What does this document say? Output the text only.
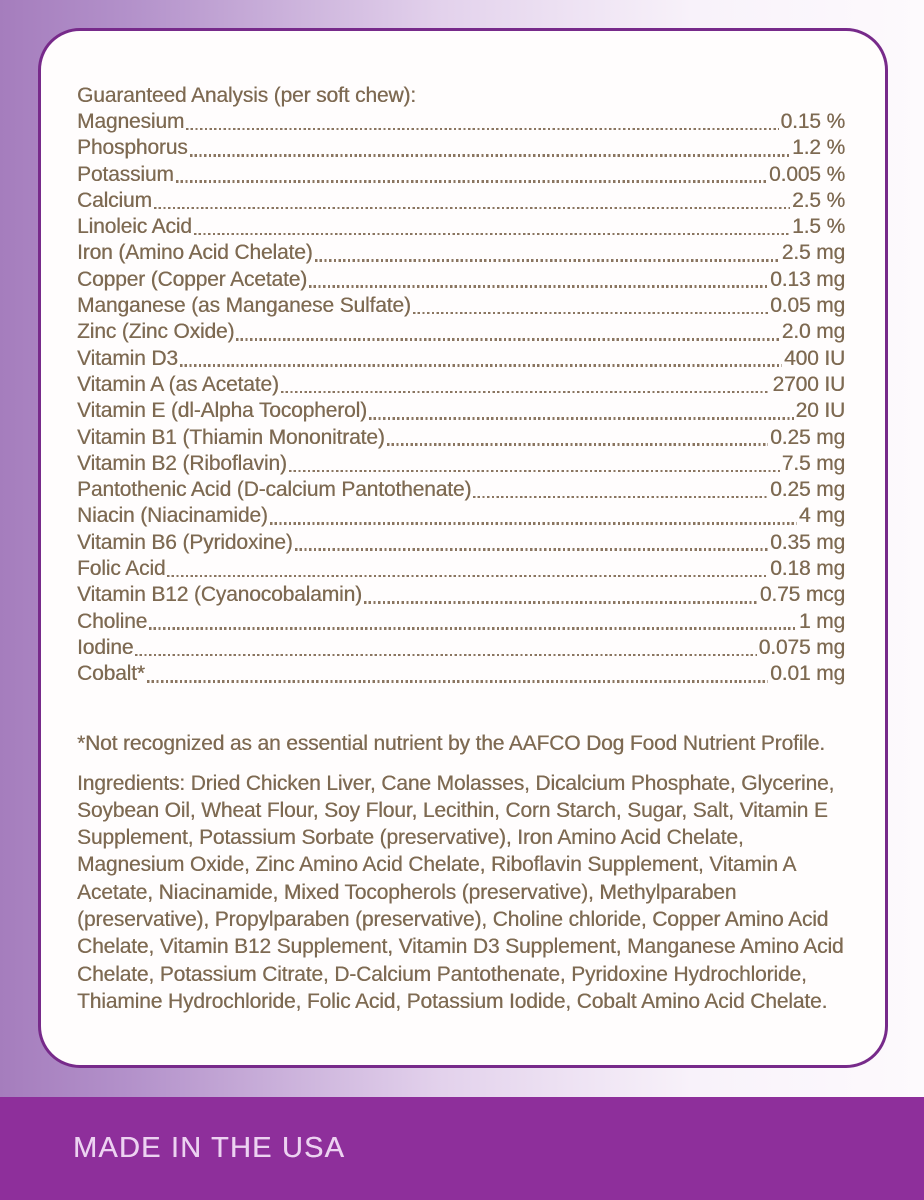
Guaranteed Analysis (per soft chew):
Magnesium	0.15 %
Phosphorus	1.2 %
Potassium	0.005 %
Calcium	2.5 %
Linoleic Acid	1.5 %
Iron (Amino Acid Chelate)	2.5 mg
Copper (Copper Acetate)	0.13 mg
Manganese (as Manganese Sulfate)	0.05 mg
Zinc (Zinc Oxide)	2.0 mg
Vitamin D3	400 IU
Vitamin A (as Acetate)	2700 IU
Vitamin E (dl-Alpha Tocopherol)	20 IU
Vitamin B1 (Thiamin Mononitrate)	0.25 mg
Vitamin B2 (Riboflavin)	7.5 mg
Pantothenic Acid (D-calcium Pantothenate)	0.25 mg
Niacin (Niacinamide)	4 mg
Vitamin B6 (Pyridoxine)	0.35 mg
Folic Acid	0.18 mg
Vitamin B12 (Cyanocobalamin)	0.75 mcg
Choline	1 mg
Iodine	0.075 mg
Cobalt*	0.01 mg

*Not recognized as an essential nutrient by the AAFCO Dog Food Nutrient Profile.

Ingredients: Dried Chicken Liver, Cane Molasses, Dicalcium Phosphate, Glycerine, Soybean Oil, Wheat Flour, Soy Flour, Lecithin, Corn Starch, Sugar, Salt, Vitamin E Supplement, Potassium Sorbate (preservative), Iron Amino Acid Chelate, Magnesium Oxide, Zinc Amino Acid Chelate, Riboflavin Supplement, Vitamin A Acetate, Niacinamide, Mixed Tocopherols (preservative), Methylparaben (preservative), Propylparaben (preservative), Choline chloride, Copper Amino Acid Chelate, Vitamin B12 Supplement, Vitamin D3 Supplement, Manganese Amino Acid Chelate, Potassium Citrate, D-Calcium Pantothenate, Pyridoxine Hydrochloride, Thiamine Hydrochloride, Folic Acid, Potassium Iodide, Cobalt Amino Acid Chelate.

MADE IN THE USA
